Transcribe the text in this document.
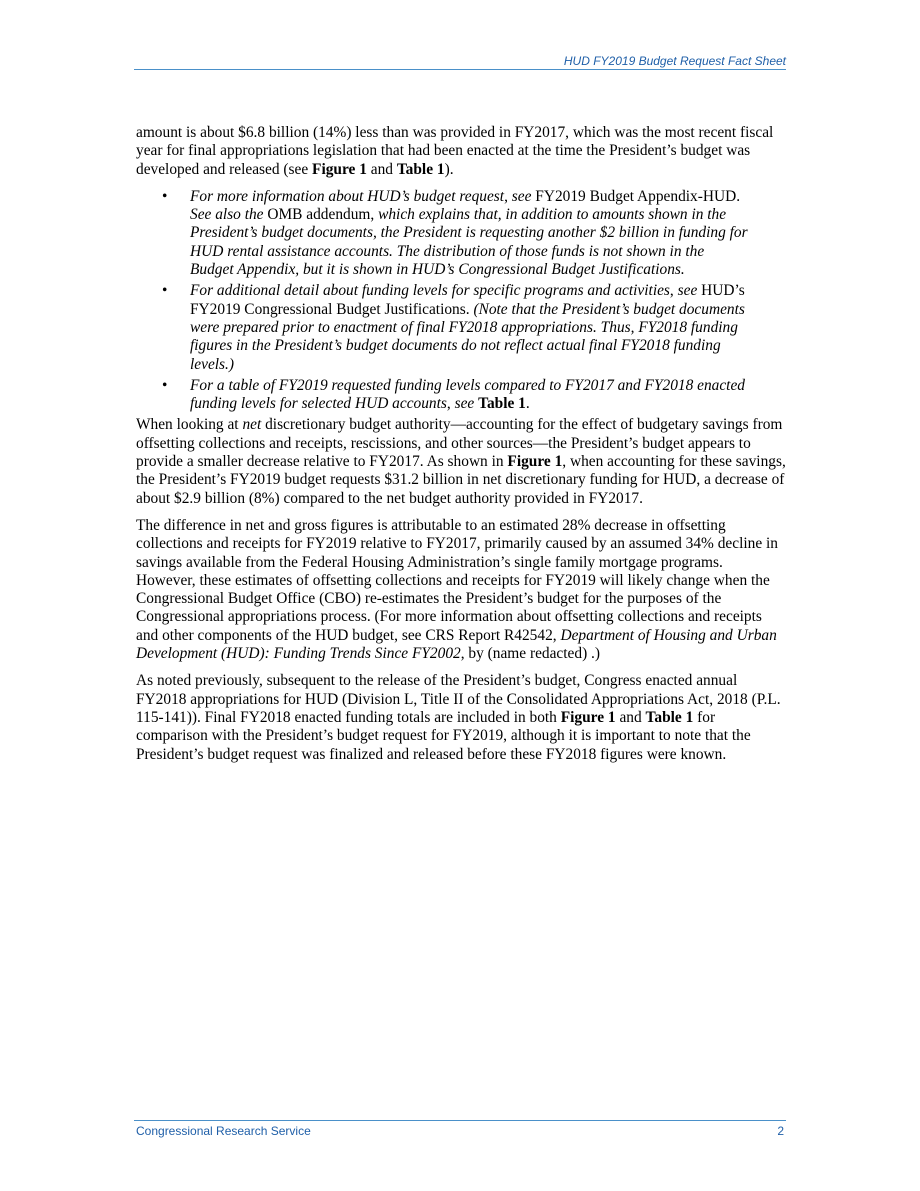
HUD FY2019 Budget Request Fact Sheet

amount is about $6.8 billion (14%) less than was provided in FY2017, which was the most recent fiscal year for final appropriations legislation that had been enacted at the time the President’s budget was developed and released (see Figure 1 and Table 1).

• For more information about HUD’s budget request, see FY2019 Budget Appendix-HUD. See also the OMB addendum, which explains that, in addition to amounts shown in the President’s budget documents, the President is requesting another $2 billion in funding for HUD rental assistance accounts. The distribution of those funds is not shown in the Budget Appendix, but it is shown in HUD’s Congressional Budget Justifications.
• For additional detail about funding levels for specific programs and activities, see HUD’s FY2019 Congressional Budget Justifications. (Note that the President’s budget documents were prepared prior to enactment of final FY2018 appropriations. Thus, FY2018 funding figures in the President’s budget documents do not reflect actual final FY2018 funding levels.)
• For a table of FY2019 requested funding levels compared to FY2017 and FY2018 enacted funding levels for selected HUD accounts, see Table 1.

When looking at net discretionary budget authority—accounting for the effect of budgetary savings from offsetting collections and receipts, rescissions, and other sources—the President’s budget appears to provide a smaller decrease relative to FY2017. As shown in Figure 1, when accounting for these savings, the President’s FY2019 budget requests $31.2 billion in net discretionary funding for HUD, a decrease of about $2.9 billion (8%) compared to the net budget authority provided in FY2017.

The difference in net and gross figures is attributable to an estimated 28% decrease in offsetting collections and receipts for FY2019 relative to FY2017, primarily caused by an assumed 34% decline in savings available from the Federal Housing Administration’s single family mortgage programs. However, these estimates of offsetting collections and receipts for FY2019 will likely change when the Congressional Budget Office (CBO) re-estimates the President’s budget for the purposes of the Congressional appropriations process. (For more information about offsetting collections and receipts and other components of the HUD budget, see CRS Report R42542, Department of Housing and Urban Development (HUD): Funding Trends Since FY2002, by (name redacted) .)

As noted previously, subsequent to the release of the President’s budget, Congress enacted annual FY2018 appropriations for HUD (Division L, Title II of the Consolidated Appropriations Act, 2018 (P.L. 115-141)). Final FY2018 enacted funding totals are included in both Figure 1 and Table 1 for comparison with the President’s budget request for FY2019, although it is important to note that the President’s budget request was finalized and released before these FY2018 figures were known.

Congressional Research Service	2
